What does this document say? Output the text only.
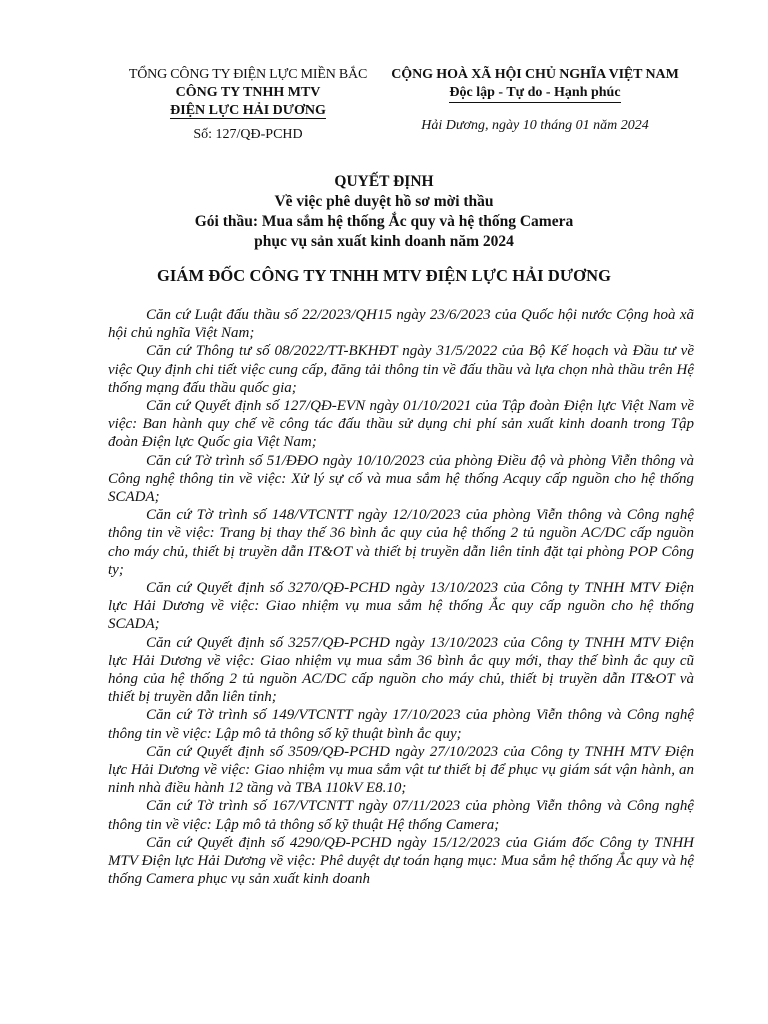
TỔNG CÔNG TY ĐIỆN LỰC MIỀN BẮC
CÔNG TY TNHH MTV
ĐIỆN LỰC HẢI DƯƠNG
Số: 127/QĐ-PCHD
CỘNG HOÀ XÃ HỘI CHỦ NGHĨA VIỆT NAM
Độc lập - Tự do - Hạnh phúc
Hải Dương, ngày 10 tháng 01 năm 2024
QUYẾT ĐỊNH
Về việc phê duyệt hồ sơ mời thầu
Gói thầu: Mua sắm hệ thống Ắc quy và hệ thống Camera
phục vụ sản xuất kinh doanh năm 2024
GIÁM ĐỐC CÔNG TY TNHH MTV ĐIỆN LỰC HẢI DƯƠNG

Căn cứ Luật đấu thầu số 22/2023/QH15 ngày 23/6/2023 của Quốc hội nước Cộng hoà xã hội chủ nghĩa Việt Nam;

Căn cứ Thông tư số 08/2022/TT-BKHĐT ngày 31/5/2022 của Bộ Kế hoạch và Đầu tư về việc Quy định chi tiết việc cung cấp, đăng tải thông tin về đấu thầu và lựa chọn nhà thầu trên Hệ thống mạng đấu thầu quốc gia;

Căn cứ Quyết định số 127/QĐ-EVN ngày 01/10/2021 của Tập đoàn Điện lực Việt Nam về việc: Ban hành quy chế về công tác đấu thầu sử dụng chi phí sản xuất kinh doanh trong Tập đoàn Điện lực Quốc gia Việt Nam;

Căn cứ Tờ trình số 51/ĐĐO ngày 10/10/2023 của phòng Điều độ và phòng Viễn thông và Công nghệ thông tin về việc: Xử lý sự cố và mua sắm hệ thống Acquy cấp nguồn cho hệ thống SCADA;

Căn cứ Tờ trình số 148/VTCNTT ngày 12/10/2023 của phòng Viễn thông và Công nghệ thông tin về việc: Trang bị thay thế 36 bình ắc quy của hệ thống 2 tủ nguồn AC/DC cấp nguồn cho máy chủ, thiết bị truyền dẫn IT&OT và thiết bị truyền dẫn liên tỉnh đặt tại phòng POP Công ty;

Căn cứ Quyết định số 3270/QĐ-PCHD ngày 13/10/2023 của Công ty TNHH MTV Điện lực Hải Dương về việc: Giao nhiệm vụ mua sắm hệ thống Ắc quy cấp nguồn cho hệ thống SCADA;

Căn cứ Quyết định số 3257/QĐ-PCHD ngày 13/10/2023 của Công ty TNHH MTV Điện lực Hải Dương về việc: Giao nhiệm vụ mua sắm 36 bình ắc quy mới, thay thế bình ắc quy cũ hỏng của hệ thống 2 tủ nguồn AC/DC cấp nguồn cho máy chủ, thiết bị truyền dẫn IT&OT và thiết bị truyền dẫn liên tỉnh;

Căn cứ Tờ trình số 149/VTCNTT ngày 17/10/2023 của phòng Viễn thông và Công nghệ thông tin về việc: Lập mô tả thông số kỹ thuật bình ắc quy;

Căn cứ Quyết định số 3509/QĐ-PCHD ngày 27/10/2023 của Công ty TNHH MTV Điện lực Hải Dương về việc: Giao nhiệm vụ mua sắm vật tư thiết bị để phục vụ giám sát vận hành, an ninh nhà điều hành 12 tầng và TBA 110kV E8.10;

Căn cứ Tờ trình số 167/VTCNTT ngày 07/11/2023 của phòng Viễn thông và Công nghệ thông tin về việc: Lập mô tả thông số kỹ thuật Hệ thống Camera;

Căn cứ Quyết định số 4290/QĐ-PCHD ngày 15/12/2023 của Giám đốc Công ty TNHH MTV Điện lực Hải Dương về việc: Phê duyệt dự toán hạng mục: Mua sắm hệ thống Ắc quy và hệ thống Camera phục vụ sản xuất kinh doanh
